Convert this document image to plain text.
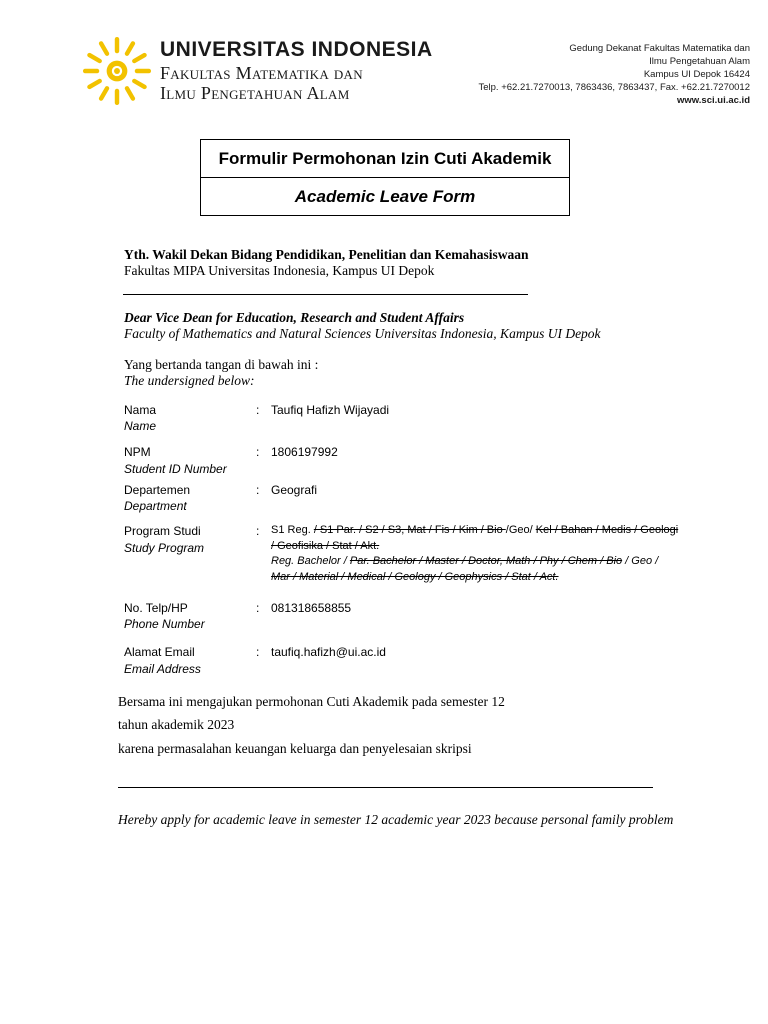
UNIVERSITAS INDONESIA
Fakultas Matematika dan
Ilmu Pengetahuan Alam
Gedung Dekanat Fakultas Matematika dan
Ilmu Pengetahuan Alam
Kampus UI Depok 16424
Telp. +62.21.7270013, 7863436, 7863437, Fax. +62.21.7270012
www.sci.ui.ac.id
Formulir Permohonan Izin Cuti Akademik
Academic Leave Form
Yth. Wakil Dekan Bidang Pendidikan, Penelitian dan Kemahasiswaan
Fakultas MIPA Universitas Indonesia, Kampus UI Depok
Dear Vice Dean for Education, Research and Student Affairs
Faculty of Mathematics and Natural Sciences Universitas Indonesia, Kampus UI Depok
Yang bertanda tangan di bawah ini :
The undersigned below:
Nama
Name
: Taufiq Hafizh Wijayadi
NPM
Student ID Number
: 1806197992
Departemen
Department
: Geografi
Program Studi
Study Program
: S1 Reg. / S1 Par. / S2 / S3, Mat / Fis / Kim / Bio /Geo/ Kel / Bahan / Medis / Geologi
/ Geofisika / Stat / Akt.
Reg. Bachelor / Par. Bachelor / Master / Doctor, Math / Phy / Chem / Bio / Geo /
Mar / Material / Medical / Geology / Geophysics / Stat / Act.
No. Telp/HP
Phone Number
: 081318658855
Alamat Email
Email Address
: taufiq.hafizh@ui.ac.id
Bersama ini mengajukan permohonan Cuti Akademik pada semester 12
tahun akademik 2023
karena permasalahan keuangan keluarga dan penyelesaian skripsi
Hereby apply for academic leave in semester 12 academic year 2023 because personal family problem
